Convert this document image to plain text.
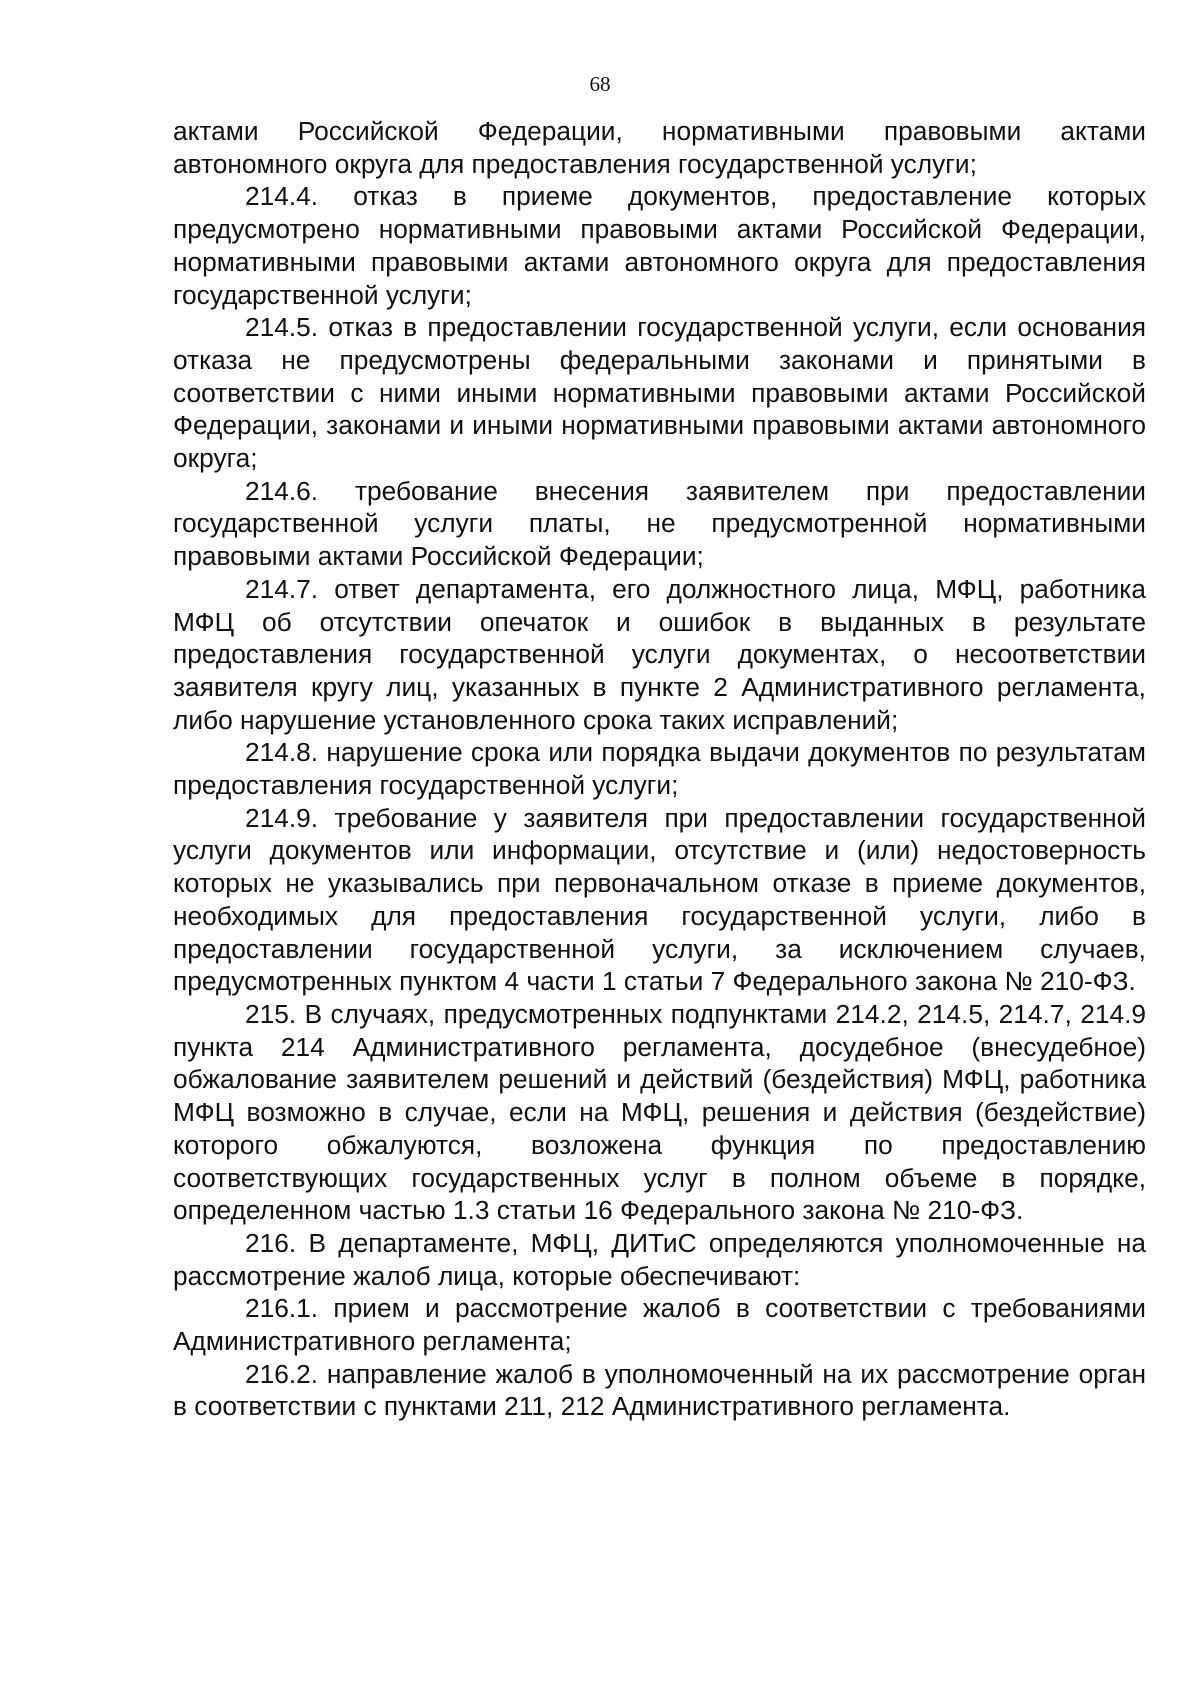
68

актами Российской Федерации, нормативными правовыми актами автономного округа для предоставления государственной услуги;

214.4. отказ в приеме документов, предоставление которых предусмотрено нормативными правовыми актами Российской Федерации, нормативными правовыми актами автономного округа для предоставления государственной услуги;

214.5. отказ в предоставлении государственной услуги, если основания отказа не предусмотрены федеральными законами и принятыми в соответствии с ними иными нормативными правовыми актами Российской Федерации, законами и иными нормативными правовыми актами автономного округа;

214.6. требование внесения заявителем при предоставлении государственной услуги платы, не предусмотренной нормативными правовыми актами Российской Федерации;

214.7. ответ департамента, его должностного лица, МФЦ, работника МФЦ об отсутствии опечаток и ошибок в выданных в результате предоставления государственной услуги документах, о несоответствии заявителя кругу лиц, указанных в пункте 2 Административного регламента, либо нарушение установленного срока таких исправлений;

214.8. нарушение срока или порядка выдачи документов по результатам предоставления государственной услуги;

214.9. требование у заявителя при предоставлении государственной услуги документов или информации, отсутствие и (или) недостоверность которых не указывались при первоначальном отказе в приеме документов, необходимых для предоставления государственной услуги, либо в предоставлении государственной услуги, за исключением случаев, предусмотренных пунктом 4 части 1 статьи 7 Федерального закона № 210-ФЗ.

215. В случаях, предусмотренных подпунктами 214.2, 214.5, 214.7, 214.9 пункта 214 Административного регламента, досудебное (внесудебное) обжалование заявителем решений и действий (бездействия) МФЦ, работника МФЦ возможно в случае, если на МФЦ, решения и действия (бездействие) которого обжалуются, возложена функция по предоставлению соответствующих государственных услуг в полном объеме в порядке, определенном частью 1.3 статьи 16 Федерального закона № 210-ФЗ.

216. В департаменте, МФЦ, ДИТиС определяются уполномоченные на рассмотрение жалоб лица, которые обеспечивают:

216.1. прием и рассмотрение жалоб в соответствии с требованиями Административного регламента;

216.2. направление жалоб в уполномоченный на их рассмотрение орган в соответствии с пунктами 211, 212 Административного регламента.
